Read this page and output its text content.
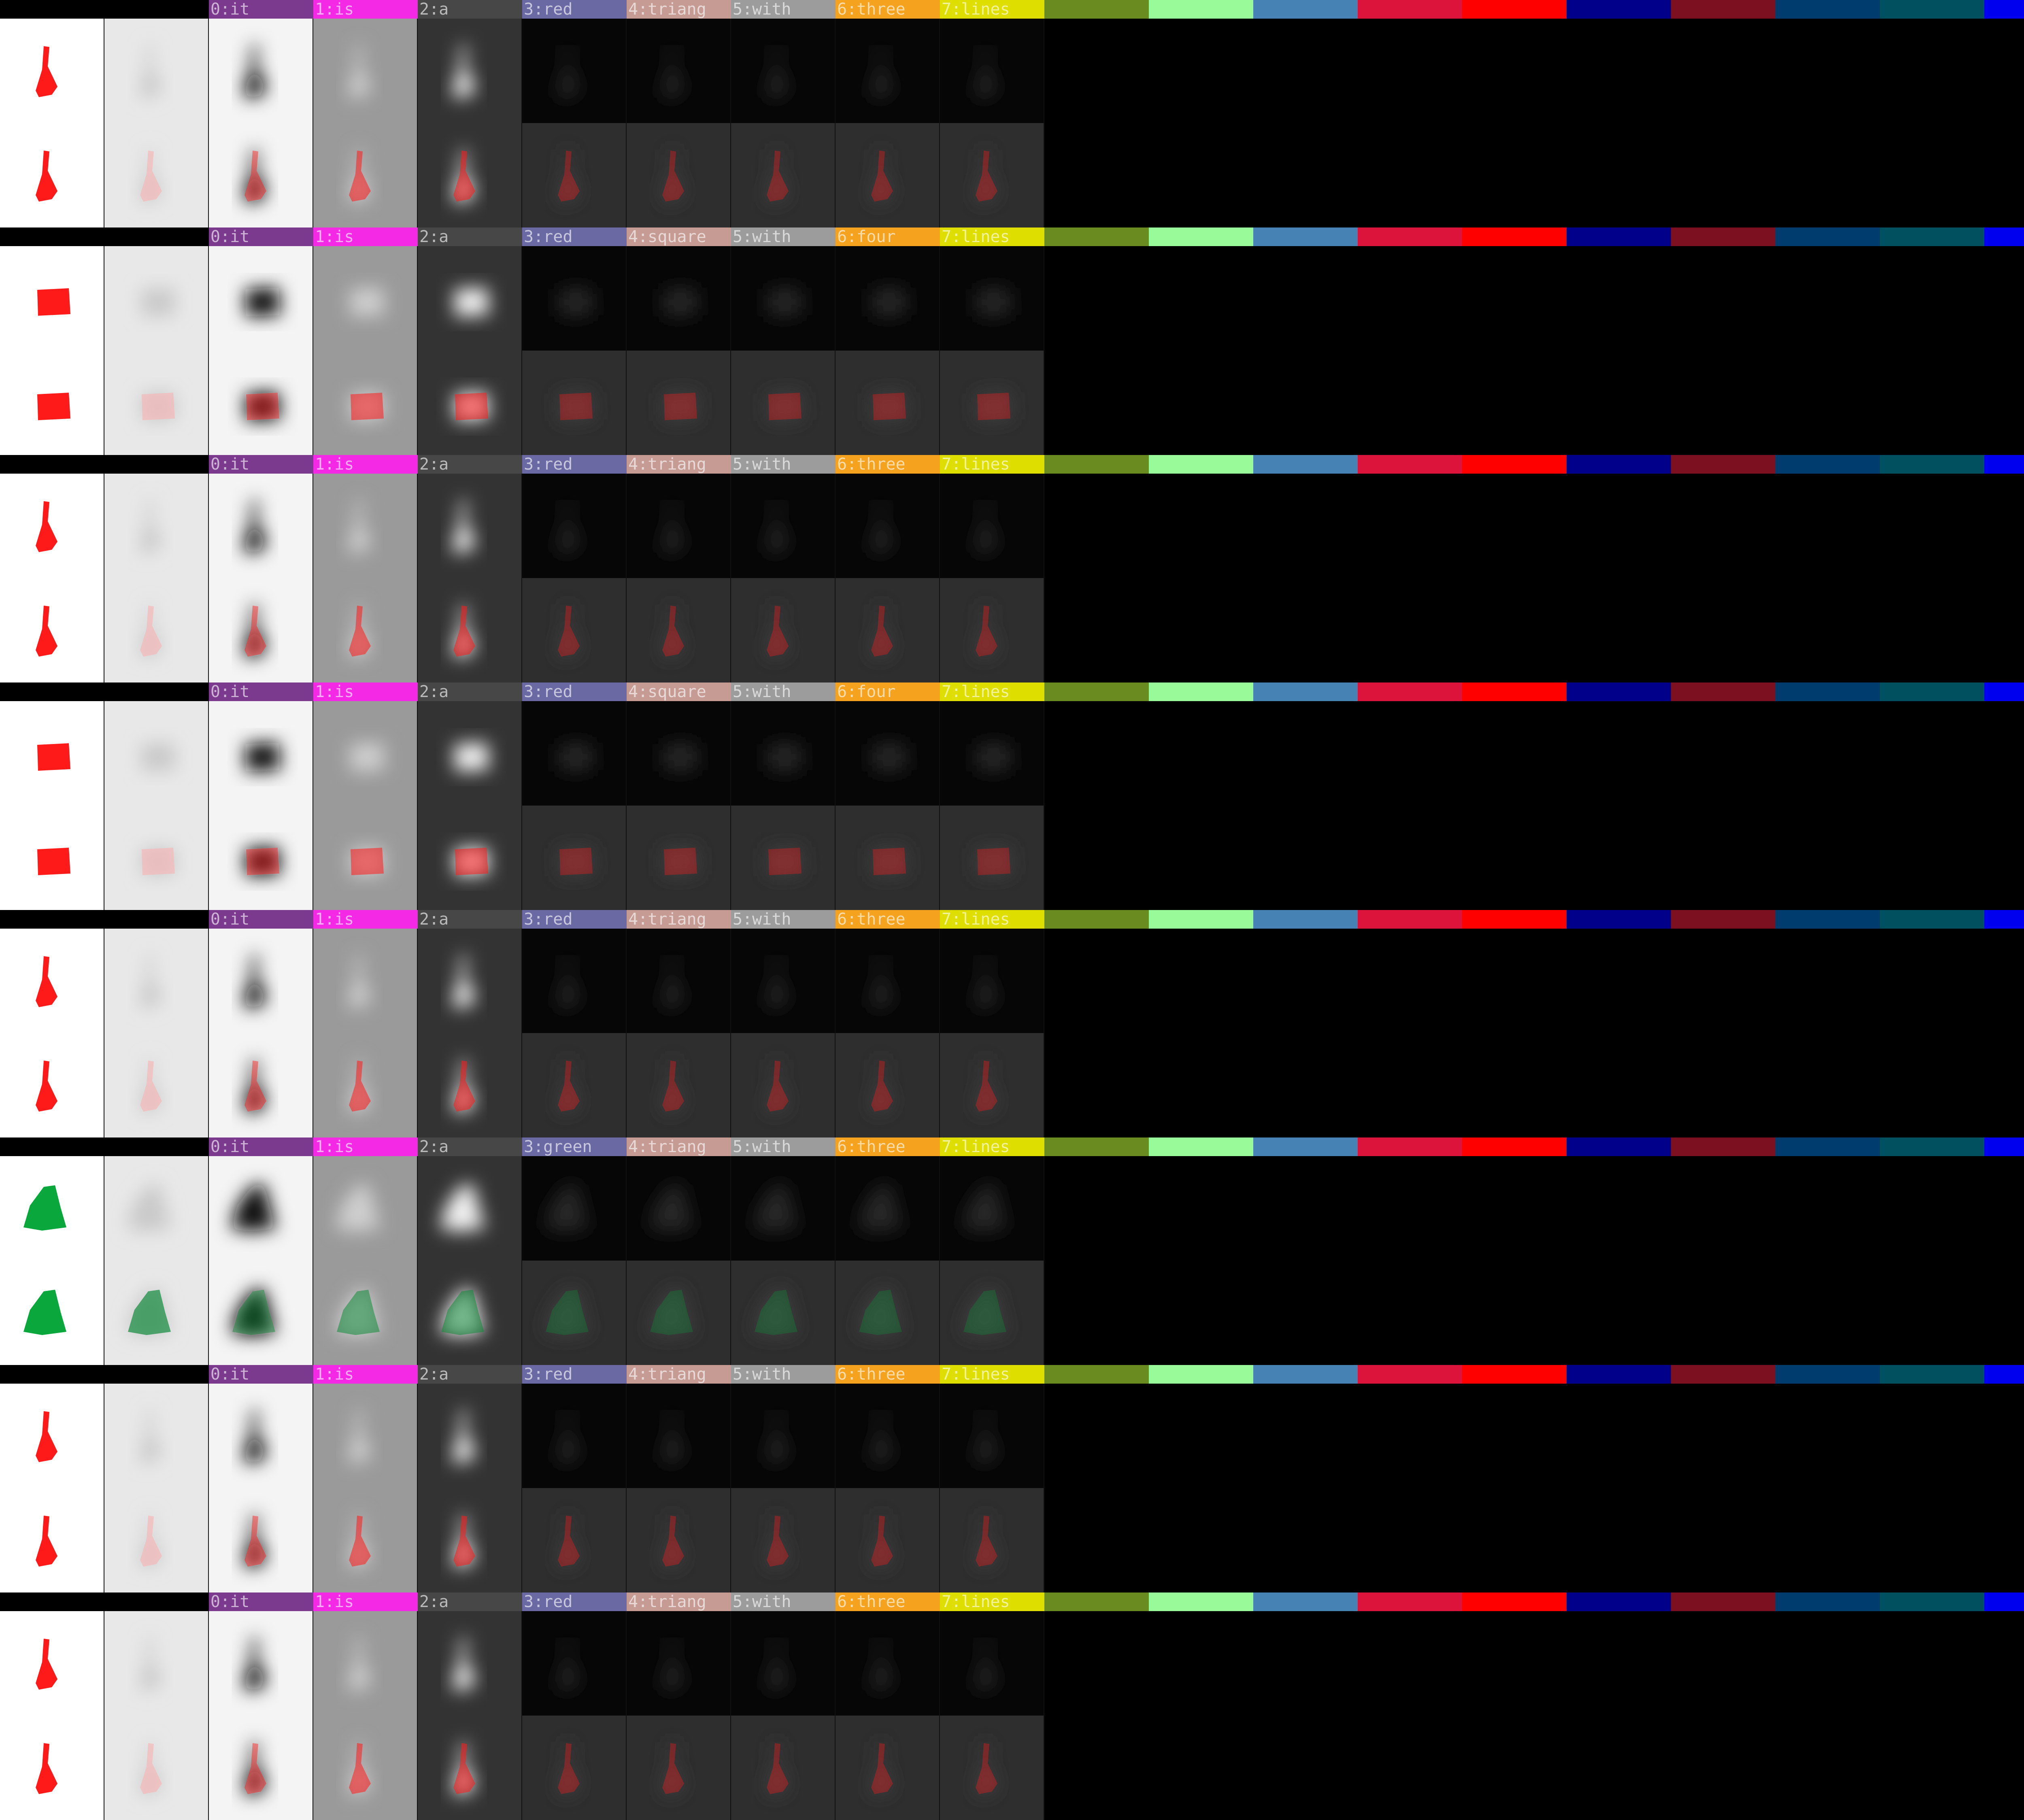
0:it	1:is	2:a	3:red	4:triang	5:with	6:three	7:lines
0:it	1:is	2:a	3:red	4:square	5:with	6:four	7:lines
0:it	1:is	2:a	3:red	4:triang	5:with	6:three	7:lines
0:it	1:is	2:a	3:red	4:square	5:with	6:four	7:lines
0:it	1:is	2:a	3:red	4:triang	5:with	6:three	7:lines
0:it	1:is	2:a	3:green	4:triang	5:with	6:three	7:lines
0:it	1:is	2:a	3:red	4:triang	5:with	6:three	7:lines
0:it	1:is	2:a	3:red	4:triang	5:with	6:three	7:lines
